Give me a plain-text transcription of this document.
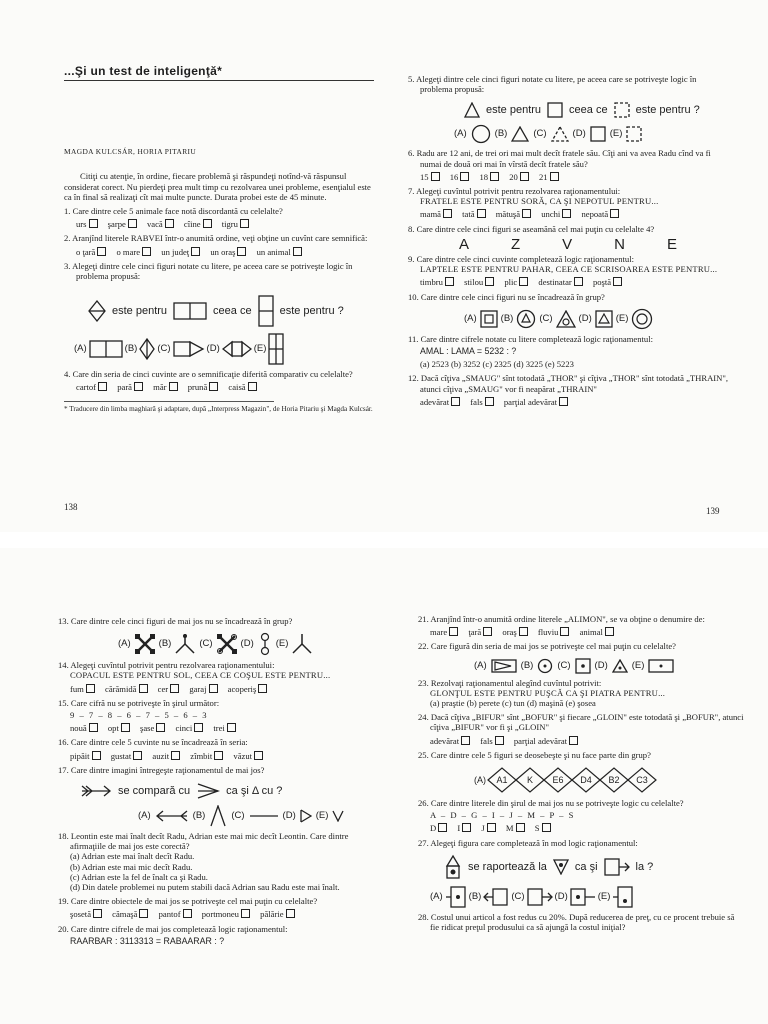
...Şi un test de inteligenţă*

MAGDA KULCSÁR, HORIA PITARIU

Citiţi cu atenţie, în ordine, fiecare problemă şi răspundeţi notînd-vă răspunsul considerat corect. Nu pierdeţi prea mult timp cu rezolvarea unei probleme, esenţialul este ca în final să realizaţi cît mai multe puncte. Durata probei este de 45 minute.

1. Care dintre cele 5 animale face notă discordantă cu celelalte?

urs şarpe vacă cîine tigru

2. Aranjînd literele RABVEI într-o anumită ordine, veţi obţine un cuvînt care semnifică:

o ţară o mare un judeţ un oraş un animal

3. Alegeţi dintre cele cinci figuri notate cu litere, pe aceea care se potriveşte logic în problema propusă:

este pentru	ceea ce	este pentru ?
(A)	(B) (C)	(D)	(E)

4. Care din seria de cinci cuvinte are o semnificaţie diferită comparativ cu celelalte?

cartof pară măr prună caisă

* Traducere din limba maghiară şi adaptare, după „Interpress Magazin", de Horia Pitariu şi Magda Kulcsár.

138

5. Alegeţi dintre cele cinci figuri notate cu litere, pe aceea care se potriveşte logic în problema propusă:

este pentru	ceea ce	este pentru ?
(A)	(B)	(C)	(D)	(E)

6. Radu are 12 ani, de trei ori mai mult decît fratele său. Cîţi ani va avea Radu cînd va fi numai de două ori mai în vîrstă decît fratele său?

15 16 18 20 21

7. Alegeţi cuvîntul potrivit pentru rezolvarea raţionamentului:

FRATELE ESTE PENTRU SORĂ, CA ŞI NEPOTUL PENTRU...

mamă tată mătuşă unchi nepoată

8. Care dintre cele cinci figuri se aseamănă cel mai puţin cu celelalte 4?

A	Z	V	N	E

9. Care dintre cele cinci cuvinte completează logic raţionamentul:

LAPTELE ESTE PENTRU PAHAR, CEEA CE SCRISOAREA ESTE PENTRU...

timbru stilou plic destinatar poştă

10. Care dintre cele cinci figuri nu se încadrează în grup?

(A)	(B)	(C)	(D)	(E)

11. Care dintre cifrele notate cu litere completează logic raţionamentul:

AMAL : LAMA = 5232 : ?

(a) 2523 (b) 3252 (c) 2325 (d) 3225 (e) 5223

12. Dacă cîţiva „SMAUG" sînt totodată „THOR" şi cîţiva „THOR" sînt totodată „THRAIN", atunci cîţiva „SMAUG" vor fi neapărat „THRAIN"

adevărat fals parţial adevărat

139

13. Care dintre cele cinci figuri de mai jos nu se încadrează în grup?

(A)	(B)	(C)	(D) (E)

14. Alegeţi cuvîntul potrivit pentru rezolvarea raţionamentului:

COPACUL ESTE PENTRU SOL, CEEA CE COŞUL ESTE PENTRU...

fum cărămidă cer garaj acoperiş

15. Care cifră nu se potriveşte în şirul următor:

9 – 7 – 8 – 6 – 7 – 5 – 6 – 3

nouă opt şase cinci trei

16. Care dintre cele 5 cuvinte nu se încadrează în seria:

pipăit gustat auzit zîmbit văzut

17. Care dintre imagini întregeşte raţionamentul de mai jos?

se compară cu	ca şi Δ cu ?
(A)	(B)	(C)	(D) (E)

18. Leontin este mai înalt decît Radu, Adrian este mai mic decît Leontin. Care dintre afirmaţiile de mai jos este corectă?

(a) Adrian este mai înalt decît Radu.

(b) Adrian este mai mic decît Radu.

(c) Adrian este la fel de înalt ca şi Radu.

(d) Din datele problemei nu putem stabili dacă Adrian sau Radu este mai înalt.

19. Care dintre obiectele de mai jos se potriveşte cel mai puţin cu celelalte?

şosetă cămaşă pantof portmoneu pălărie

20. Care dintre cifrele de mai jos completează logic raţionamentul:

RAARBAR : 3113313 = RABAARAR : ?

21. Aranjînd într-o anumită ordine literele „ALIMON", se va obţine o denumire de:

mare ţară oraş fluviu animal

22. Care figură din seria de mai jos se potriveşte cel mai puţin cu celelalte?

(A)	(B)	(C)	(D)	(E)

23. Rezolvaţi raţionamentul alegînd cuvîntul potrivit:

GLONŢUL ESTE PENTRU PUŞCĂ CA ŞI PIATRA PENTRU...

(a) praştie (b) perete (c) tun (d) maşină (e) şosea

24. Dacă cîţiva „BIFUR" sînt „BOFUR" şi fiecare „GLOIN" este totodată şi „BOFUR", atunci cîţiva „BIFUR" vor fi şi „GLOIN"

adevărat fals parţial adevărat

25. Care dintre cele 5 figuri se deosebeşte şi nu face parte din grup?

(A) A1 K E6 D4 B2 C3

26. Care dintre literele din şirul de mai jos nu se potriveşte logic cu celelalte?

A – D – G – I – J – M – P – S

D I J M S

27. Alegeţi figura care completează în mod logic raţionamentul:

se raportează la	ca şi	la ?
(A)	(B)	(C)	(D)	(E)

28. Costul unui articol a fost redus cu 20%. După reducerea de preţ, cu ce procent trebuie să fie ridicat preţul produsului ca să ajungă la costul iniţial?
